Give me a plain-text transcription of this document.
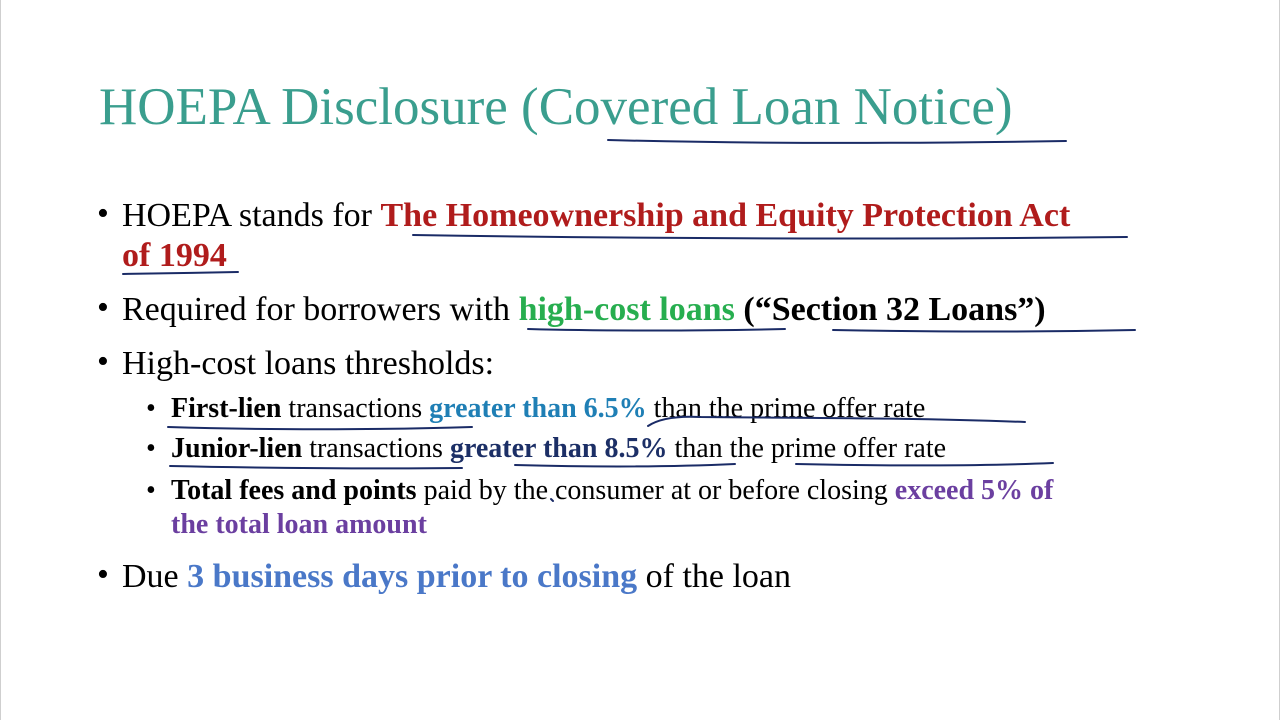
HOEPA Disclosure (Covered Loan Notice)
• HOEPA stands for The Homeownership and Equity Protection Act
of 1994
• Required for borrowers with high-cost loans (“Section 32 Loans”)
• High-cost loans thresholds:
• First-lien transactions greater than 6.5% than the prime offer rate
• Junior-lien transactions greater than 8.5% than the prime offer rate
• Total fees and points paid by the consumer at or before closing exceed 5% of
the total loan amount
• Due 3 business days prior to closing of the loan
